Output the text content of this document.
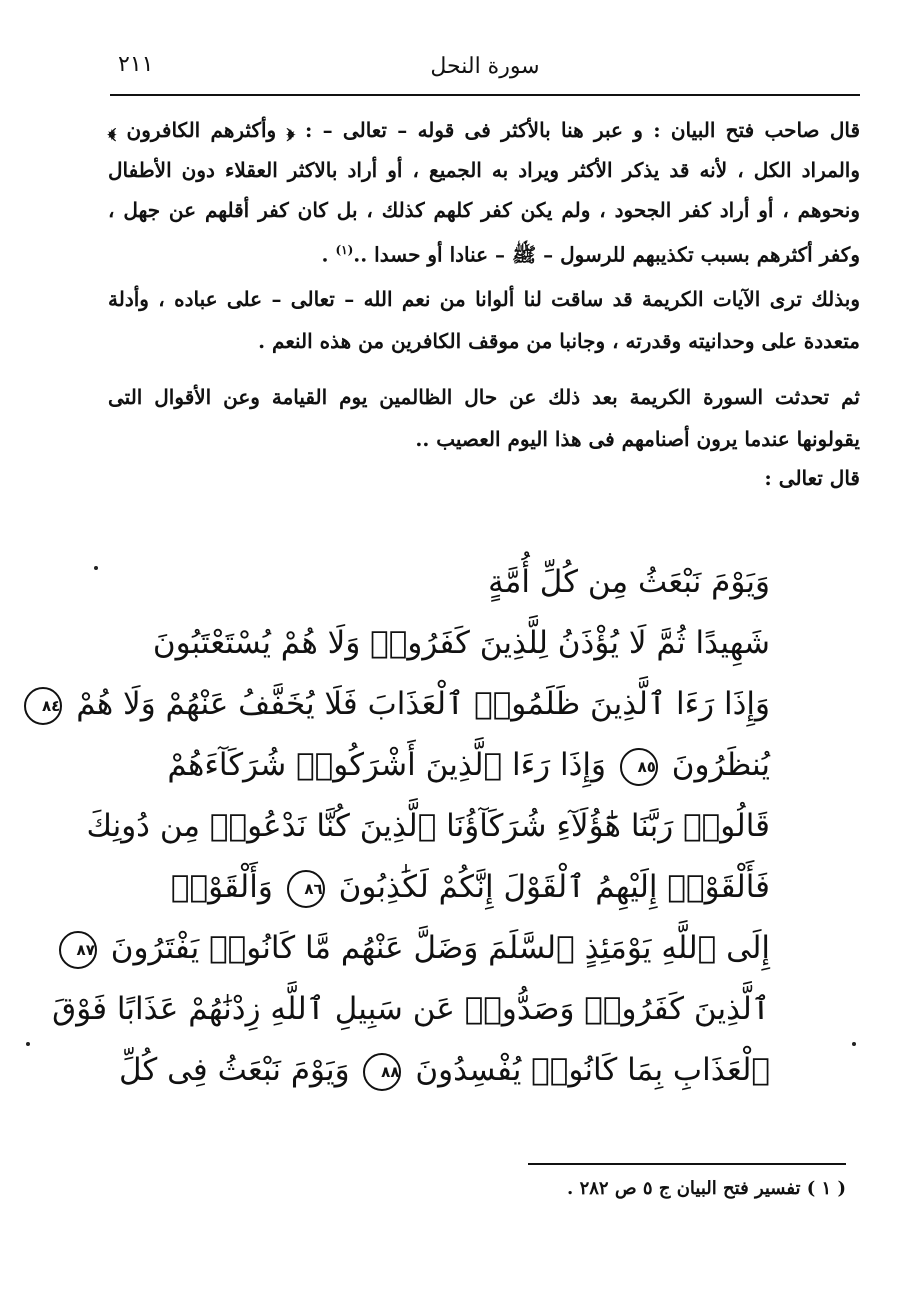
سورة النحل
٢١١
قال صاحب فتح البيان : و عبر هنا بالأكثر فى قوله – تعالى – : ﴿ وأكثرهم الكافرون ﴾ والمراد الكل ، لأنه قد يذكر الأكثر ويراد به الجميع ، أو أراد بالاكثر العقلاء دون الأطفال ونحوهم ، أو أراد كفر الجحود ، ولم يكن كفر كلهم كذلك ، بل كان كفر أقلهم عن جهل ، وكفر أكثرهم بسبب تكذيبهم للرسول – ﷺ – عنادا أو حسدا ..$^{(١)}$ .
وبذلك ترى الآيات الكريمة قد ساقت لنا ألوانا من نعم الله – تعالى – على عباده ، وأدلة متعددة على وحدانيته وقدرته ، وجانبا من موقف الكافرين من هذه النعم .
ثم تحدثت السورة الكريمة بعد ذلك عن حال الظالمين يوم القيامة وعن الأقوال التى يقولونها عندما يرون أصنامهم فى هذا اليوم العصيب ..
قال تعالى :
وَيَوْمَ نَبْعَثُ مِن كُلِّ أُمَّةٍ
شَهِيدًا ثُمَّ لَا يُؤْذَنُ لِلَّذِينَ كَفَرُوا۟ وَلَا هُمْ يُسْتَعْتَبُونَ
وَإِذَا رَءَا ٱلَّذِينَ ظَلَمُوا۟ ٱلْعَذَابَ فَلَا يُخَفَّفُ عَنْهُمْ وَلَا هُمْ ٨٤
يُنظَرُونَ ٨٥ وَإِذَا رَءَا ٱلَّذِينَ أَشْرَكُوا۟ شُرَكَآءَهُمْ
قَالُوا۟ رَبَّنَا هَٰٓؤُلَآءِ شُرَكَآؤُنَا ٱلَّذِينَ كُنَّا نَدْعُوا۟ مِن دُونِكَ
فَأَلْقَوْا۟ إِلَيْهِمُ ٱلْقَوْلَ إِنَّكُمْ لَكَٰذِبُونَ ٨٦ وَأَلْقَوْا۟
إِلَى ٱللَّهِ يَوْمَئِذٍ ٱلسَّلَمَ وَضَلَّ عَنْهُم مَّا كَانُوا۟ يَفْتَرُونَ ٨٧
ٱلَّذِينَ كَفَرُوا۟ وَصَدُّوا۟ عَن سَبِيلِ ٱللَّهِ زِدْنَٰهُمْ عَذَابًا فَوْقَ
ٱلْعَذَابِ بِمَا كَانُوا۟ يُفْسِدُونَ ٨٨ وَيَوْمَ نَبْعَثُ فِى كُلِّ
( ١ ) تفسير فتح البيان ج ٥ ص ٢٨٢ .
